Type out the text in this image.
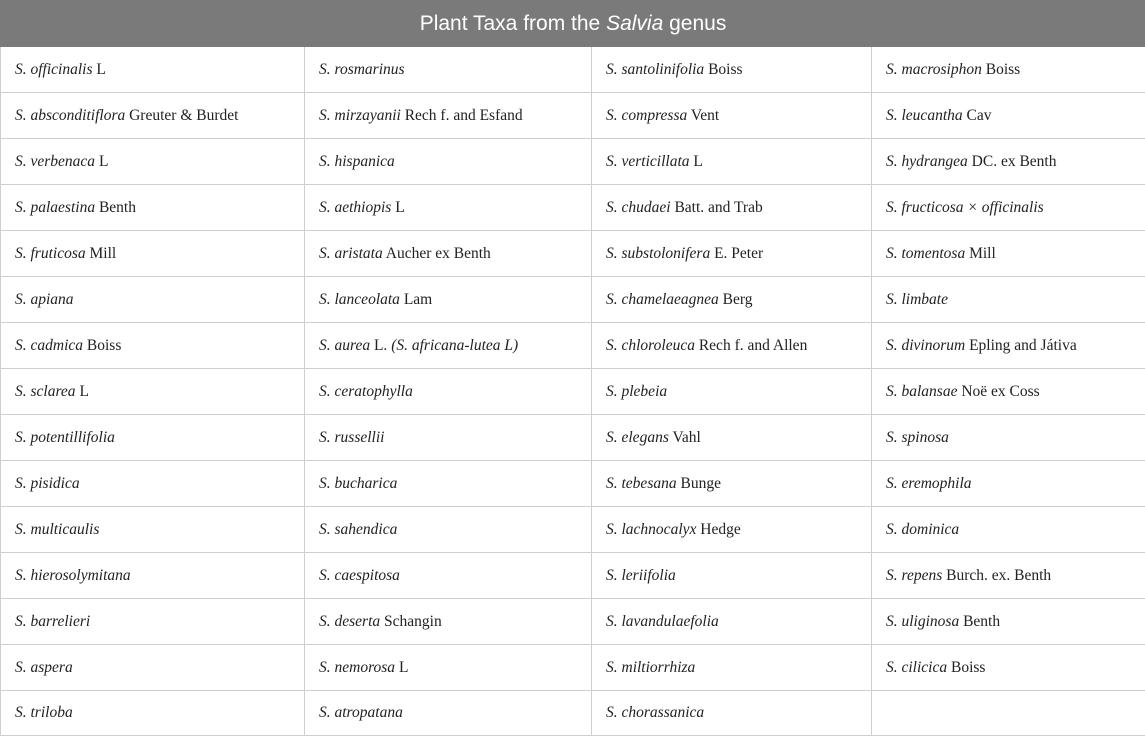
Plant Taxa from the Salvia genus			
S. officinalis L	S. rosmarinus	S. santolinifolia Boiss	S. macrosiphon Boiss
S. absconditiflora Greuter & Burdet	S. mirzayanii Rech f. and Esfand	S. compressa Vent	S. leucantha Cav
S. verbenaca L	S. hispanica	S. verticillata L	S. hydrangea DC. ex Benth
S. palaestina Benth	S. aethiopis L	S. chudaei Batt. and Trab	S. fructicosa × officinalis
S. fruticosa Mill	S. aristata Aucher ex Benth	S. substolonifera E. Peter	S. tomentosa Mill
S. apiana	S. lanceolata Lam	S. chamelaeagnea Berg	S. limbate
S. cadmica Boiss	S. aurea L. (S. africana-lutea L)	S. chloroleuca Rech f. and Allen	S. divinorum Epling and Játiva
S. sclarea L	S. ceratophylla	S. plebeia	S. balansae Noë ex Coss
S. potentillifolia	S. russellii	S. elegans Vahl	S. spinosa
S. pisidica	S. bucharica	S. tebesana Bunge	S. eremophila
S. multicaulis	S. sahendica	S. lachnocalyx Hedge	S. dominica
S. hierosolymitana	S. caespitosa	S. leriifolia	S. repens Burch. ex. Benth
S. barrelieri	S. deserta Schangin	S. lavandulaefolia	S. uliginosa Benth
S. aspera	S. nemorosa L	S. miltiorrhiza	S. cilicica Boiss
S. triloba	S. atropatana	S. chorassanica	
